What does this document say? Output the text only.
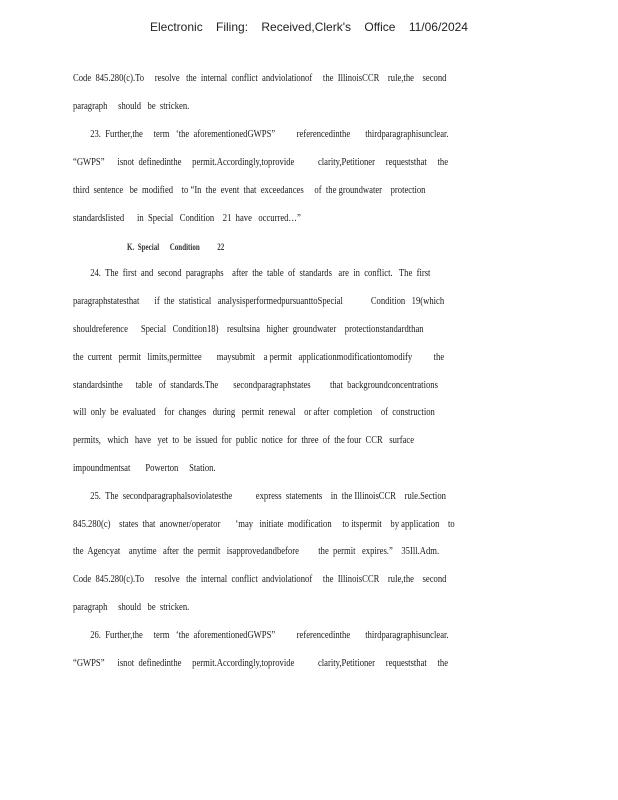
Electronic Filing: Received,Clerk's Office 11/06/2024
Code  845.280(c).To     resolve   the  internal  conflict  andviolationof     the  IllinoisCCR    rule,the    second
paragraph     should   be  stricken.
23.  Further,the     term   ‘the  aforementionedGWPS”          referencedinthe       thirdparagraphisunclear.
“GWPS”      isnot  definedinthe     permit.Accordingly,toprovide           clarity,Petitioner     requeststhat     the
third  sentence   be  modified    to “In  the  event  that  exceedances     of  the groundwater    protection
standardslisted      in  Special   Condition    21  have   occurred…”
K.  Special      Condition          22
24.  The  first  and  second  paragraphs    after  the  table  of  standards   are  in  conflict.   The  first
paragraphstatesthat       if  the  statistical   analysisperformedpursuanttoSpecial             Condition   19(which
shouldreference      Special   Condition18)    resultsina   higher  groundwater    protectionstandardthan
the  current   permit   limits,permittee       maysubmit    a permit   applicationmodificationtomodify          the
standardsinthe      table   of  standards.The       secondparagraphstates         that  backgroundconcentrations
will  only  be  evaluated    for  changes   during   permit  renewal    or after  completion    of  construction
permits,   which   have   yet  to  be  issued  for  public  notice  for  three  of  the four  CCR   surface
impoundmentsat       Powerton     Station.
25.  The  secondparagraphalsoviolatesthe           express  statements    in  the IllinoisCCR    rule.Section
845.280(c)    states  that  anowner/operator       ‘may   initiate  modification     to itspermit    by application    to
the  Agencyat    anytime   after  the  permit   isapprovedandbefore         the  permit   expires.”    35Ill.Adm.
Code  845.280(c).To     resolve   the  internal  conflict  andviolationof     the  IllinoisCCR    rule,the    second
paragraph     should   be  stricken.
26.  Further,the     term   ‘the  aforementionedGWPS”          referencedinthe       thirdparagraphisunclear.
“GWPS”      isnot  definedinthe     permit.Accordingly,toprovide           clarity,Petitioner     requeststhat     the
